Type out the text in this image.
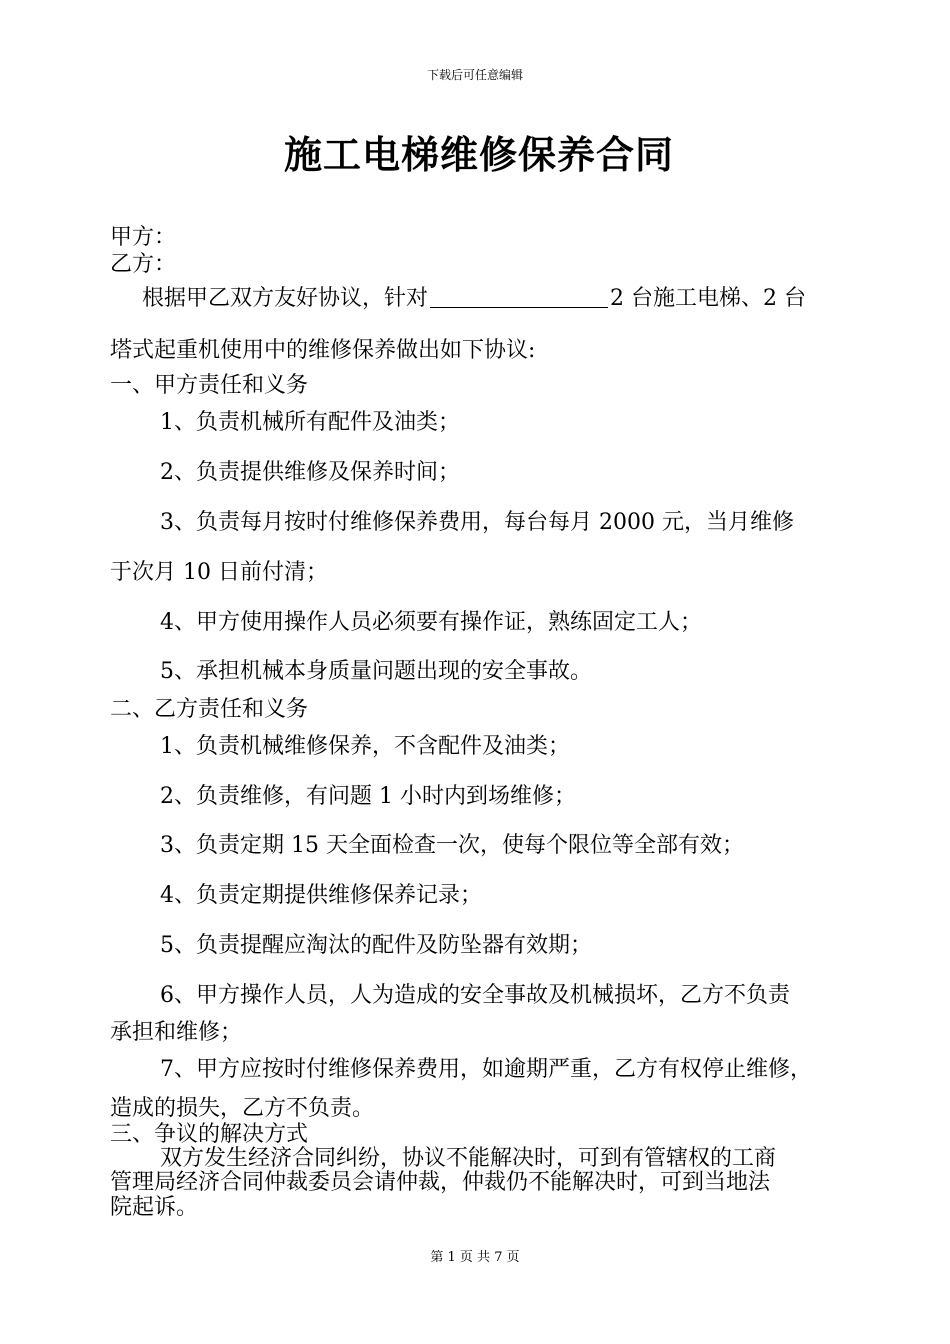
下载后可任意编辑
施工电梯维修保养合同
甲方：
乙方：
根据甲乙双方友好协议，针对	2 台施工电梯、2 台
塔式起重机使用中的维修保养做出如下协议:
一、甲方责任和义务
1、负责机械所有配件及油类；
2、负责提供维修及保养时间；
3、负责每月按时付维修保养费用，每台每月 2000 元，当月维修
于次月 10 日前付清；
4、甲方使用操作人员必须要有操作证，熟练固定工人；
5、承担机械本身质量问题出现的安全事故。
二、乙方责任和义务
1、负责机械维修保养，不含配件及油类；
2、负责维修，有问题 1 小时内到场维修；
3、负责定期 15 天全面检查一次，使每个限位等全部有效；
4、负责定期提供维修保养记录；
5、负责提醒应淘汰的配件及防坠器有效期；
6、甲方操作人员，人为造成的安全事故及机械损坏，乙方不负责
承担和维修；
7、甲方应按时付维修保养费用，如逾期严重，乙方有权停止维修，
造成的损失，乙方不负责。
三、争议的解决方式
双方发生经济合同纠纷，协议不能解决时，可到有管辖权的工商
管理局经济合同仲裁委员会请仲裁，仲裁仍不能解决时，可到当地法
院起诉。
第 1 页 共 7 页
